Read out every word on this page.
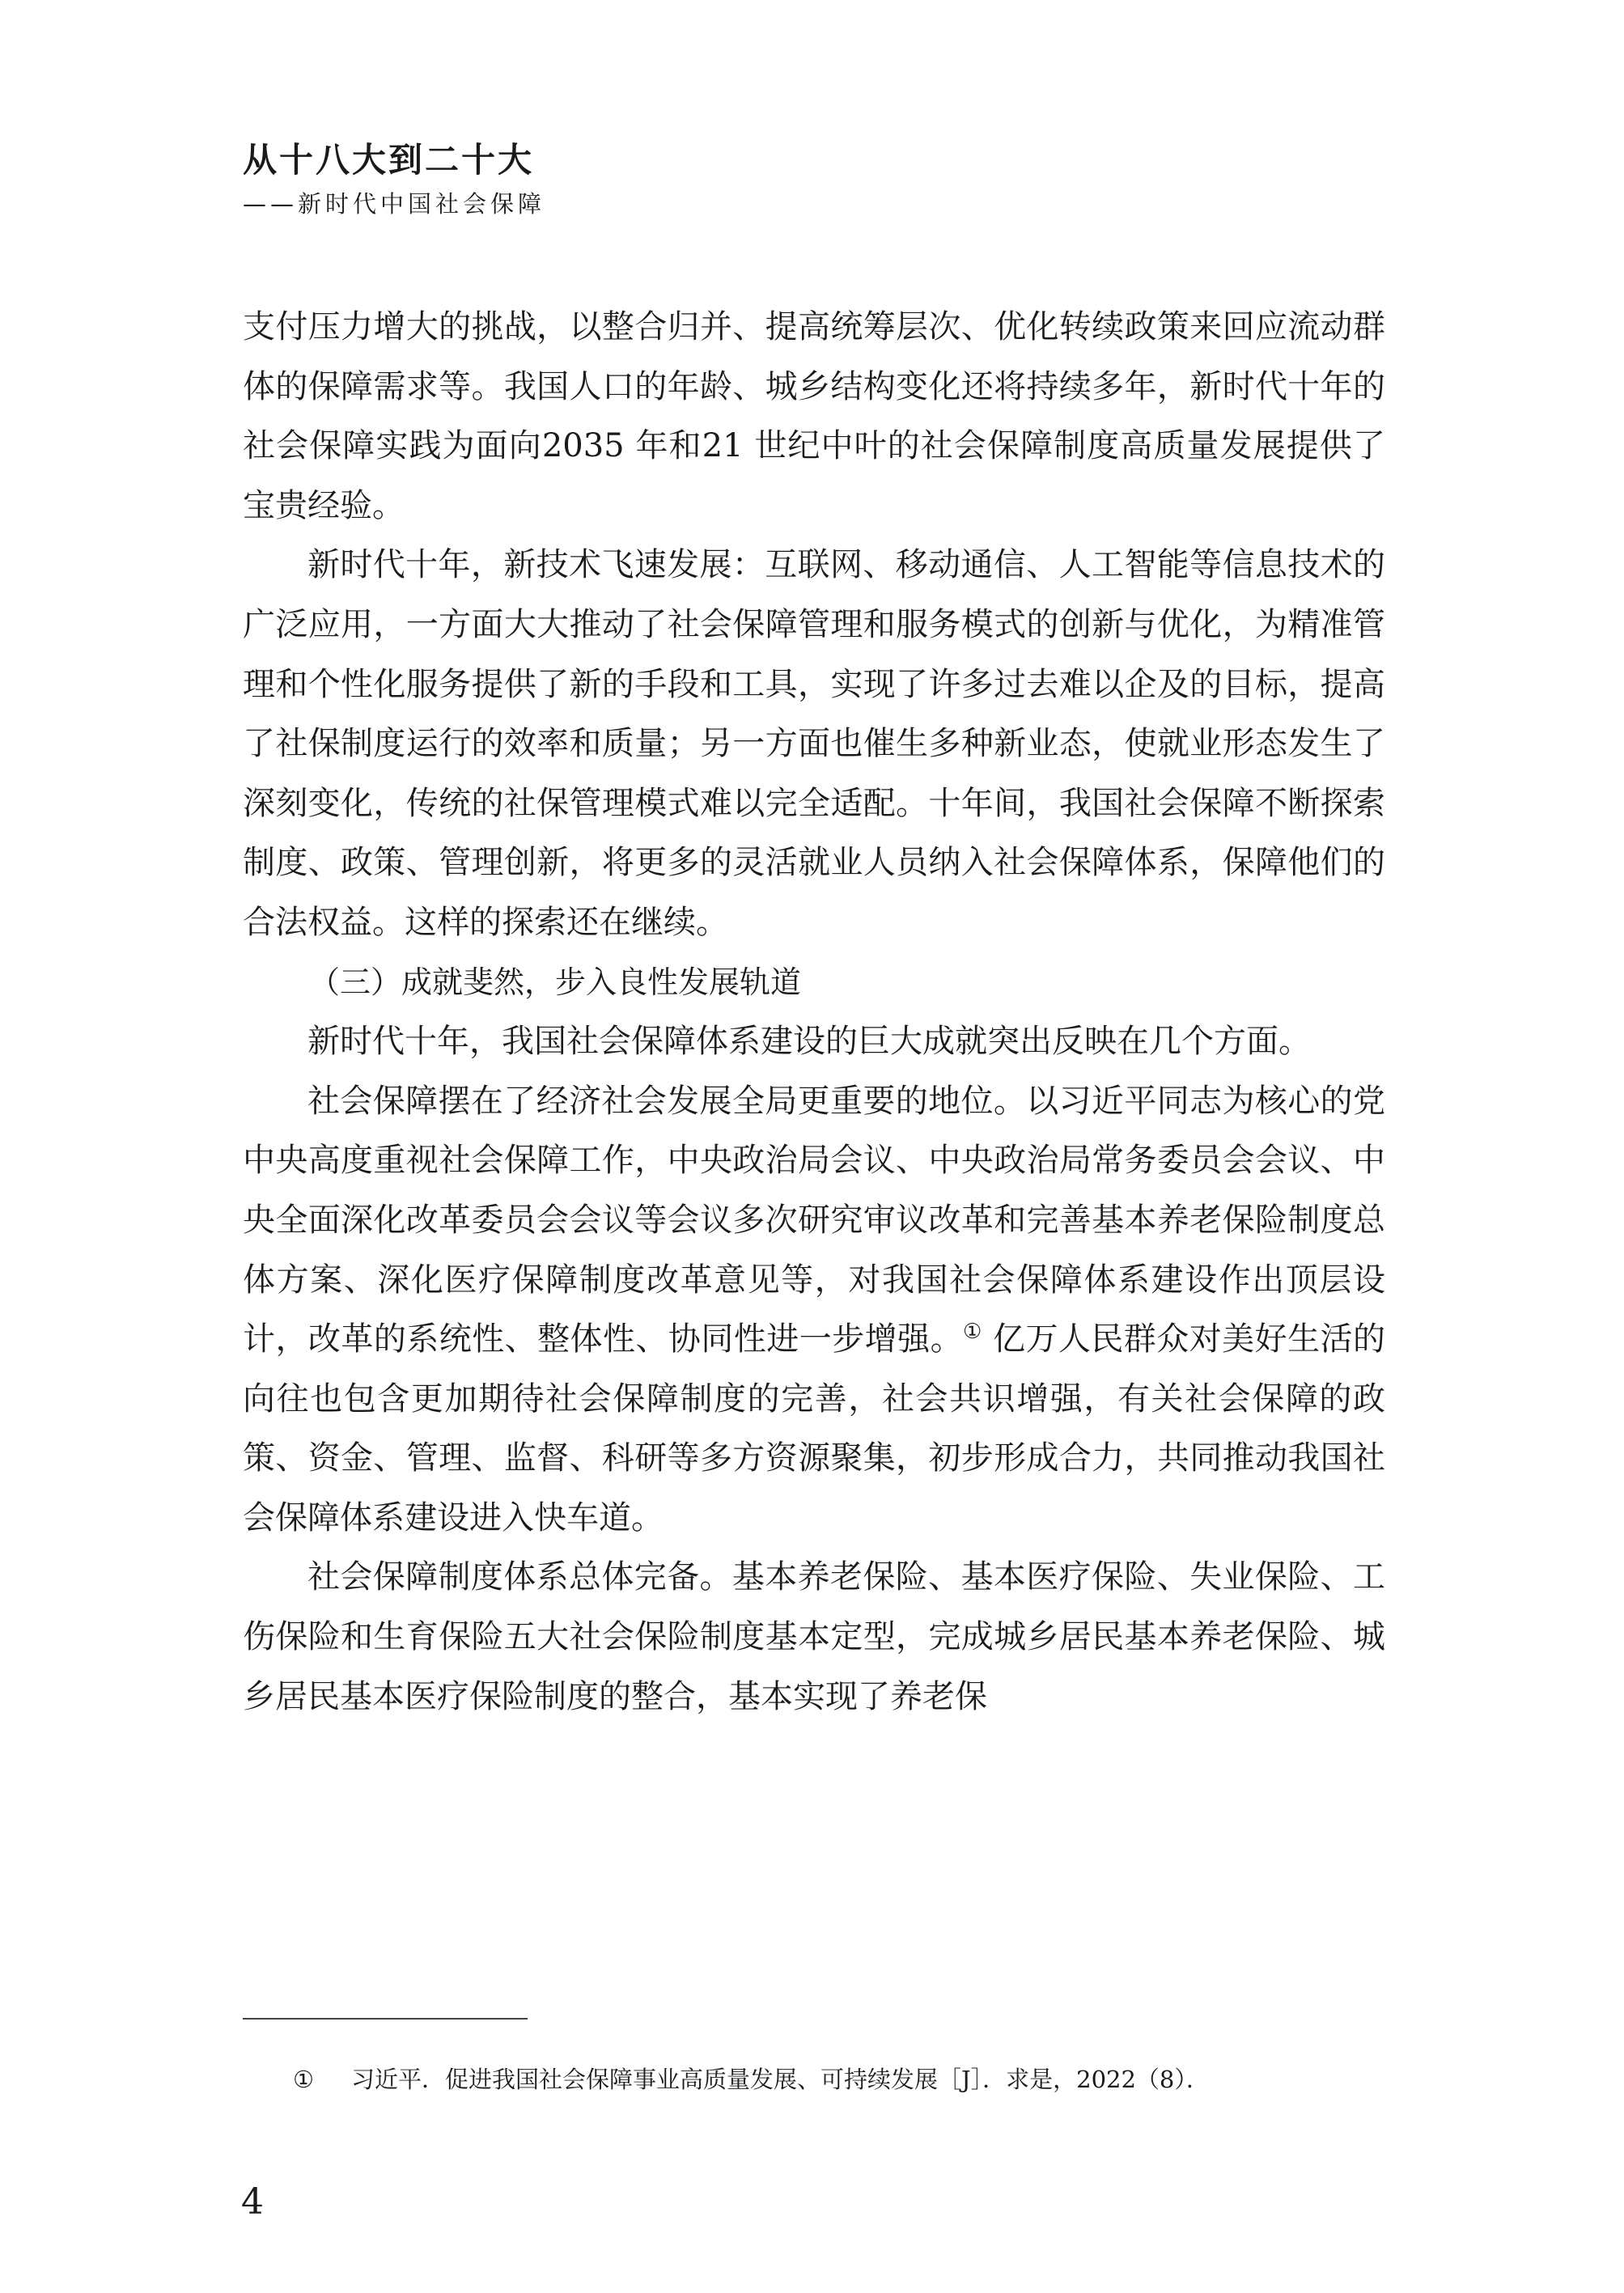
从十八大到二十大
——新时代中国社会保障

支付压力增大的挑战，以整合归并、提高统筹层次、优化转续政策来回应流动群体的保障需求等。我国人口的年龄、城乡结构变化还将持续多年，新时代十年的社会保障实践为面向2035 年和21 世纪中叶的社会保障制度高质量发展提供了宝贵经验。

新时代十年，新技术飞速发展：互联网、移动通信、人工智能等信息技术的广泛应用，一方面大大推动了社会保障管理和服务模式的创新与优化，为精准管理和个性化服务提供了新的手段和工具，实现了许多过去难以企及的目标，提高了社保制度运行的效率和质量；另一方面也催生多种新业态，使就业形态发生了深刻变化，传统的社保管理模式难以完全适配。十年间，我国社会保障不断探索制度、政策、管理创新，将更多的灵活就业人员纳入社会保障体系，保障他们的合法权益。这样的探索还在继续。

（三）成就斐然，步入良性发展轨道

新时代十年，我国社会保障体系建设的巨大成就突出反映在几个方面。

社会保障摆在了经济社会发展全局更重要的地位。以习近平同志为核心的党中央高度重视社会保障工作，中央政治局会议、中央政治局常务委员会会议、中央全面深化改革委员会会议等会议多次研究审议改革和完善基本养老保险制度总体方案、深化医疗保障制度改革意见等，对我国社会保障体系建设作出顶层设计，改革的系统性、整体性、协同性进一步增强。① 亿万人民群众对美好生活的向往也包含更加期待社会保障制度的完善，社会共识增强，有关社会保障的政策、资金、管理、监督、科研等多方资源聚集，初步形成合力，共同推动我国社会保障体系建设进入快车道。

社会保障制度体系总体完备。基本养老保险、基本医疗保险、失业保险、工伤保险和生育保险五大社会保险制度基本定型，完成城乡居民基本养老保险、城乡居民基本医疗保险制度的整合，基本实现了养老保

① 习近平．促进我国社会保障事业高质量发展、可持续发展［J］．求是，2022（8）．
4
